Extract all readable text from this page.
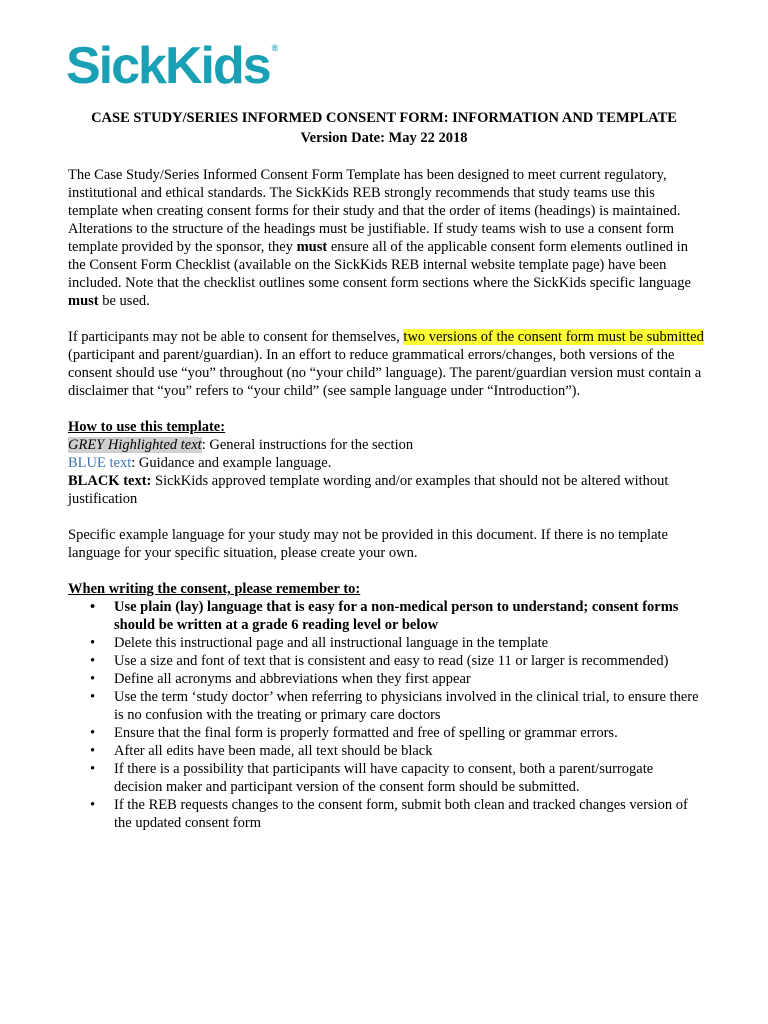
SickKids ®
CASE STUDY/SERIES INFORMED CONSENT FORM: INFORMATION AND TEMPLATE
Version Date: May 22 2018

The Case Study/Series Informed Consent Form Template has been designed to meet current regulatory, institutional and ethical standards. The SickKids REB strongly recommends that study teams use this template when creating consent forms for their study and that the order of items (headings) is maintained. Alterations to the structure of the headings must be justifiable. If study teams wish to use a consent form template provided by the sponsor, they must ensure all of the applicable consent form elements outlined in the Consent Form Checklist (available on the SickKids REB internal website template page) have been included. Note that the checklist outlines some consent form sections where the SickKids specific language must be used.

If participants may not be able to consent for themselves, two versions of the consent form must be submitted (participant and parent/guardian). In an effort to reduce grammatical errors/changes, both versions of the consent should use “you” throughout (no “your child” language). The parent/guardian version must contain a disclaimer that “you” refers to “your child” (see sample language under “Introduction”).

How to use this template:

GREY Highlighted text: General instructions for the section

BLUE text: Guidance and example language.

BLACK text: SickKids approved template wording and/or examples that should not be altered without justification

Specific example language for your study may not be provided in this document. If there is no template language for your specific situation, please create your own.

When writing the consent, please remember to:

• Use plain (lay) language that is easy for a non-medical person to understand; consent forms should be written at a grade 6 reading level or below
• Delete this instructional page and all instructional language in the template
• Use a size and font of text that is consistent and easy to read (size 11 or larger is recommended)
• Define all acronyms and abbreviations when they first appear
• Use the term ‘study doctor’ when referring to physicians involved in the clinical trial, to ensure there is no confusion with the treating or primary care doctors
• Ensure that the final form is properly formatted and free of spelling or grammar errors.
• After all edits have been made, all text should be black
• If there is a possibility that participants will have capacity to consent, both a parent/surrogate decision maker and participant version of the consent form should be submitted.
• If the REB requests changes to the consent form, submit both clean and tracked changes version of the updated consent form
